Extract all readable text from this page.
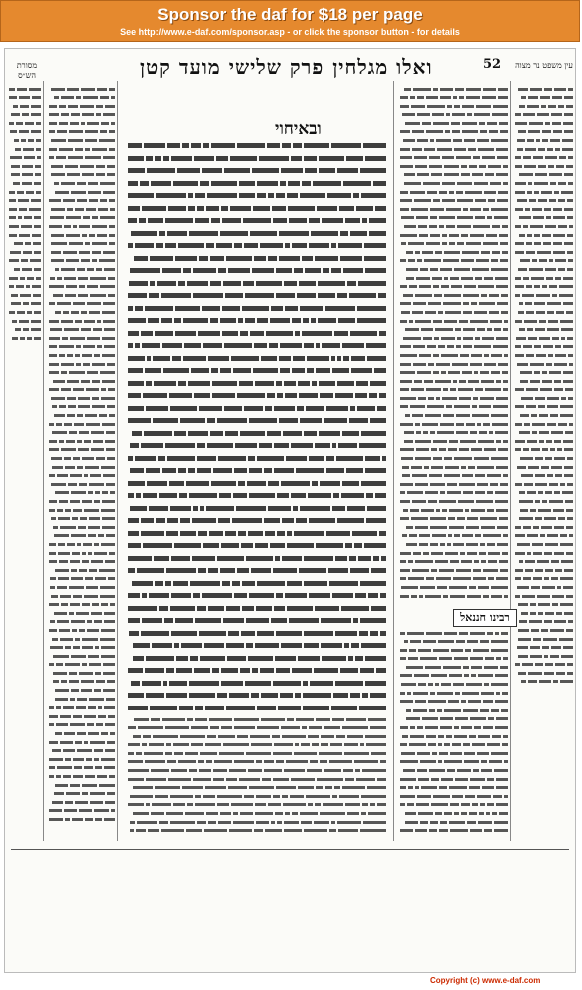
Sponsor the daf for $18 per page
See http://www.e-daf.com/sponsor.asp - or click the sponsor button - for details
52
ואלו מגלחין פרק שלישי מועד קטן
מסורת הש״ס
עין משפט נר מצוה
ובאיחוי
רבינו חננאל
Copyright (c) www.e-daf.com
